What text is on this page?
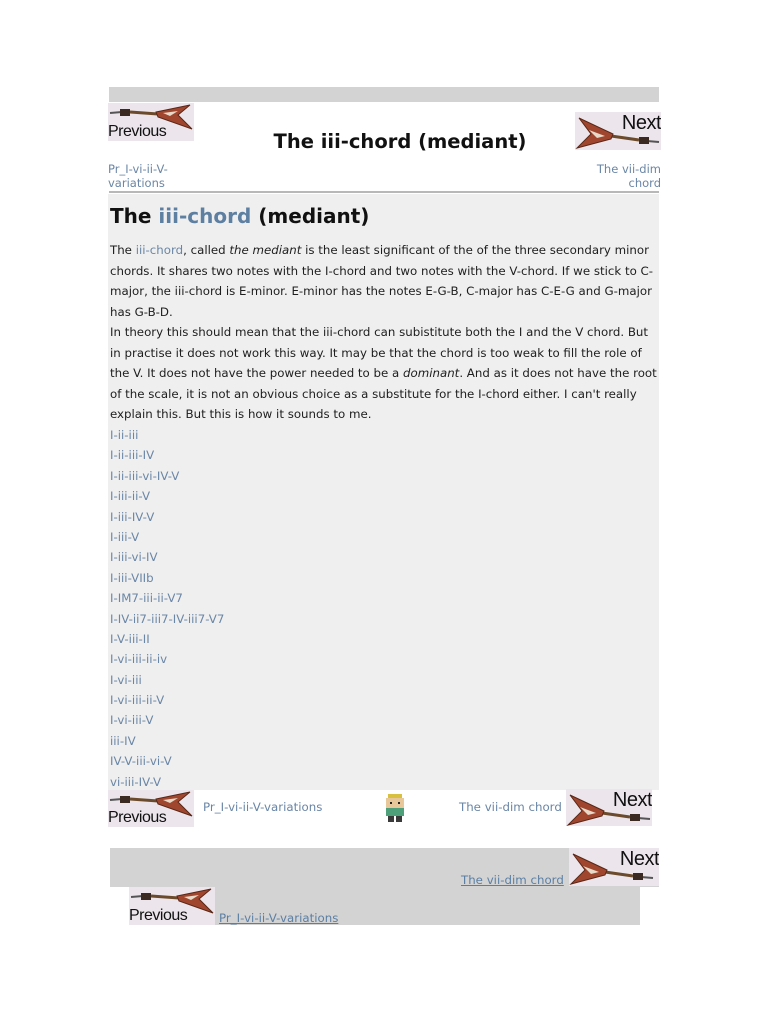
Previous	The iii-chord (mediant)
Next
Pr_I-vi-ii-V-
variations
The vii-dim
chord
The iii-chord (mediant)

The iii-chord, called the mediant is the least significant of the of the three secondary minor chords. It shares two notes with the I-chord and two notes with the V-chord. If we stick to C-major, the iii-chord is E-minor. E-minor has the notes E-G-B, C-major has C-E-G and G-major has G-B-D.

In theory this should mean that the iii-chord can subistitute both the I and the V chord. But in practise it does not work this way. It may be that the chord is too weak to fill the role of the V. It does not have the power needed to be a dominant. And as it does not have the root of the scale, it is not an obvious choice as a substitute for the I-chord either. I can't really explain this. But this is how it sounds to me.

I-ii-iii
I-ii-iii-IV
I-ii-iii-vi-IV-V
I-iii-ii-V
I-iii-IV-V
I-iii-V
I-iii-vi-IV
I-iii-VIIb
I-IM7-iii-ii-V7
I-IV-ii7-iii7-IV-iii7-V7
I-V-iii-II
I-vi-iii-ii-iv
I-vi-iii
I-vi-iii-ii-V
I-vi-iii-V
iii-IV
IV-V-iii-vi-V
vi-iii-IV-V
Previous
Pr_I-vi-ii-V-variations	The vii-dim chord	Next
The vii-dim chord
Next
Previous	Pr_I-vi-ii-V-variations
